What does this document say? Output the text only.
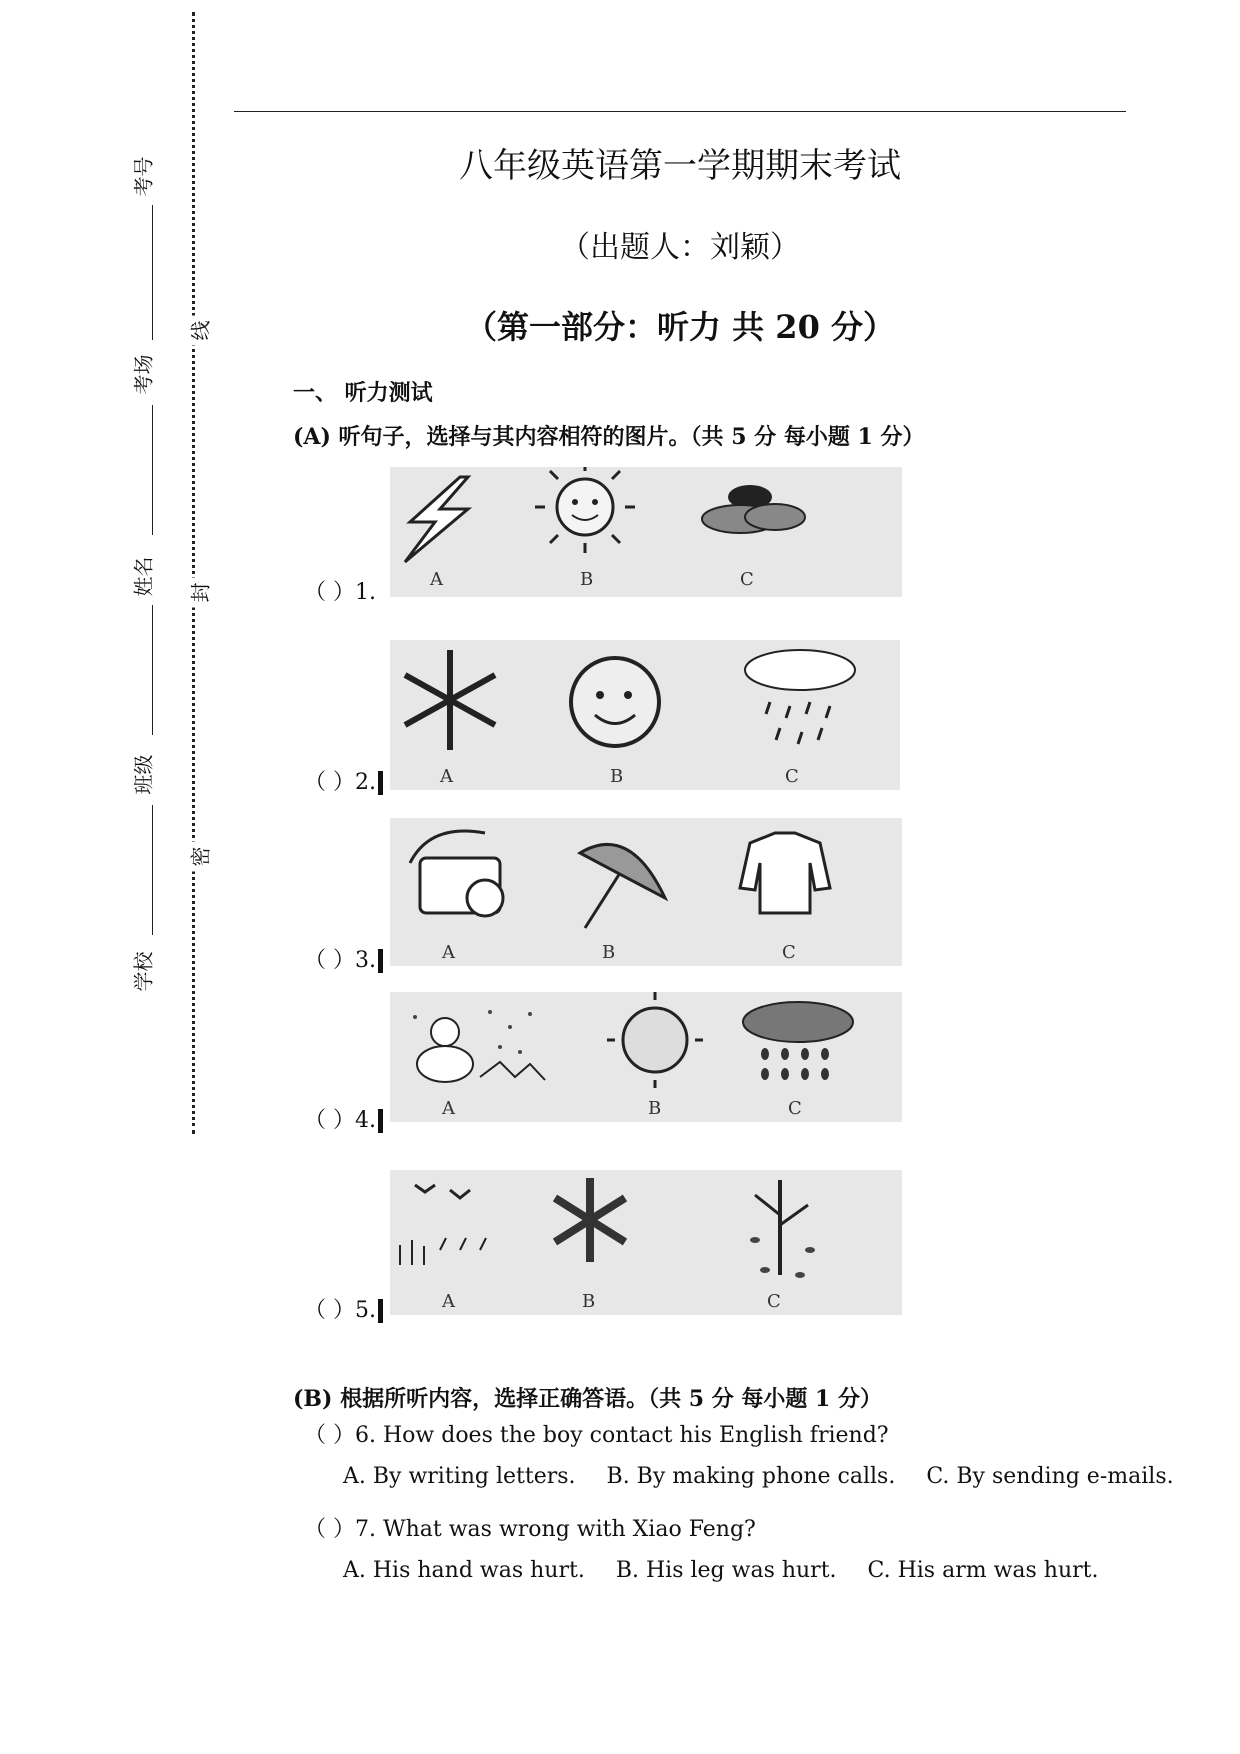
考号
考场
姓名
班级
学校
线
封
密
八年级英语第一学期期末考试
（出题人：刘颖）
（第一部分：听力 共 20 分）
一、 听力测试
(A) 听句子，选择与其内容相符的图片。（共 5 分 每小题 1 分）
A	B	C
（ ）1.
A	B	C
（ ）2.
A	B	C
（ ）3.
A	B	C
（ ）4.
A	B	C
（ ）5.
(B) 根据所听内容，选择正确答语。（共 5 分 每小题 1 分）
（ ）6. How does the boy contact his English friend?
A. By writing letters. B. By making phone calls. C. By sending e-mails.
（ ）7. What was wrong with Xiao Feng?
A. His hand was hurt. B. His leg was hurt. C. His arm was hurt.
